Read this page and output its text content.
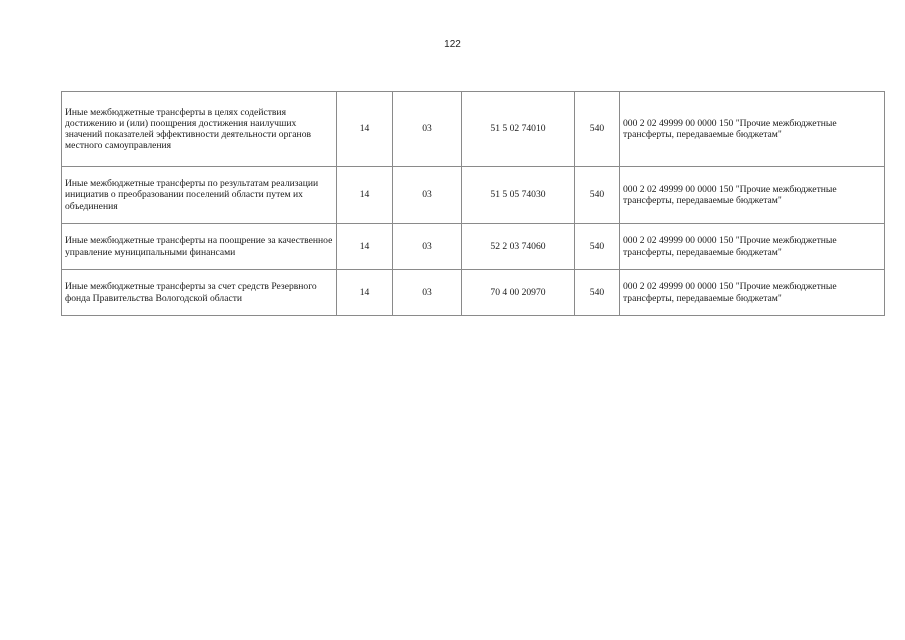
122
Иные межбюджетные трансферты в целях содействия достижению и (или) поощрения достижения наилучших значений показателей эффективности деятельности органов местного самоуправления	14	03	51 5 02 74010	540	000 2 02 49999 00 0000 150 "Прочие межбюджетные трансферты, передаваемые бюджетам"
Иные межбюджетные трансферты по результатам реализации инициатив о преобразовании поселений области путем их объединения	14	03	51 5 05 74030	540	000 2 02 49999 00 0000 150 "Прочие межбюджетные трансферты, передаваемые бюджетам"
Иные межбюджетные трансферты на поощрение за качественное управление муниципальными финансами	14	03	52 2 03 74060	540	000 2 02 49999 00 0000 150 "Прочие межбюджетные трансферты, передаваемые бюджетам"
Иные межбюджетные трансферты за счет средств Резервного фонда Правительства Вологодской области	14	03	70 4 00 20970	540	000 2 02 49999 00 0000 150 "Прочие межбюджетные трансферты, передаваемые бюджетам"
